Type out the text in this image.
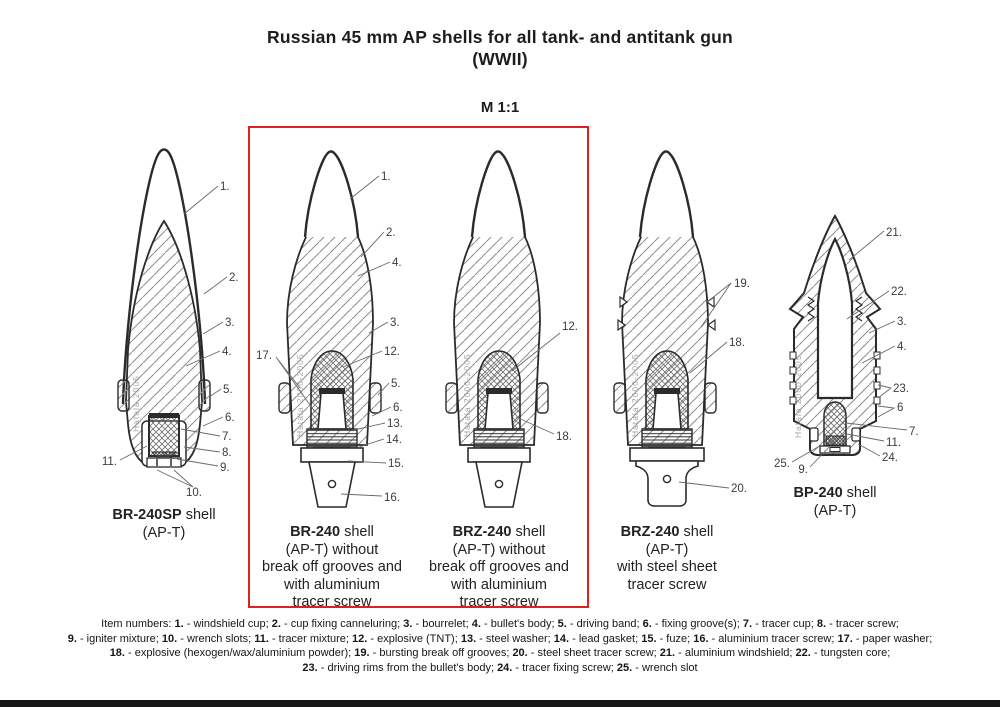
Russian 45 mm AP shells for all tank- and antitank gun
(WWII)
M 1:1
Hatala 2005
1.
2.
3.
4.
5.
6.
7.
8.
9.
10.
11.
1.
2.
4.
3.
12.
5.
6.
13.
14.
15.
16.
17.
12.
18.
19.
18.
20.
Hatala 2000-2005
21.
22.
3.
4.
23.
6
7.
11.
24.
25. 9.
BR-240SP shell
(AP-T)	BR-240 shell
(AP-T) without
break off grooves and
with aluminium
tracer screw
BRZ-240 shell
(AP-T) without
break off grooves and
with aluminium
tracer screw
BRZ-240 shell
(AP-T)
with steel sheet
tracer screw
BP-240 shell
(AP-T)
Item numbers: 1. - windshield cup; 2. - cup fixing canneluring; 3. - bourrelet; 4. - bullet's body; 5. - driving band; 6. - fixing groove(s); 7. - tracer cup; 8. - tracer screw;
9. - igniter mixture; 10. - wrench slots; 11. - tracer mixture; 12. - explosive (TNT); 13. - steel washer; 14. - lead gasket; 15. - fuze; 16. - aluminium tracer screw; 17. - paper washer;
18. - explosive (hexogen/wax/aluminium powder); 19. - bursting break off grooves; 20. - steel sheet tracer screw; 21. - aluminium windshield; 22. - tungsten core;
23. - driving rims from the bullet's body; 24. - tracer fixing screw; 25. - wrench slot
